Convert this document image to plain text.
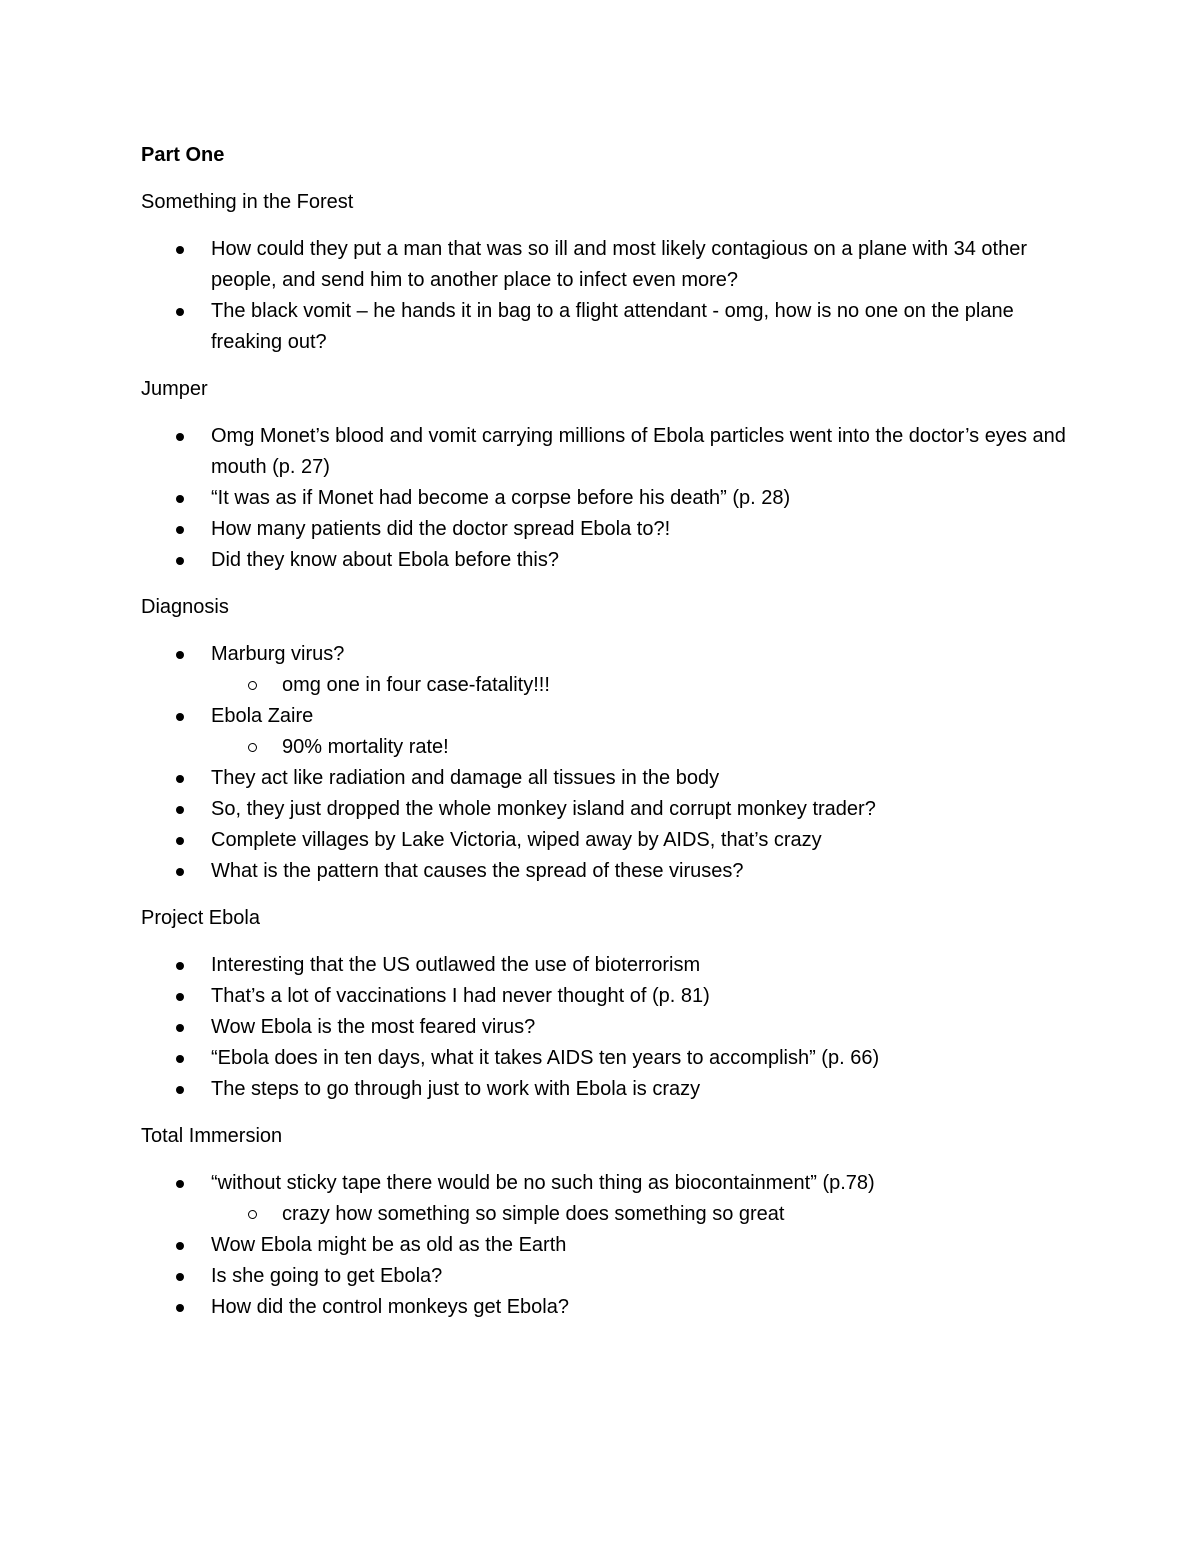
Part One
Something in the Forest
How could they put a man that was so ill and most likely contagious on a plane with 34 other people, and send him to another place to infect even more?
The black vomit – he hands it in bag to a flight attendant - omg, how is no one on the plane freaking out?
Jumper
Omg Monet’s blood and vomit carrying millions of Ebola particles went into the doctor’s eyes and mouth (p. 27)
“It was as if Monet had become a corpse before his death” (p. 28)
How many patients did the doctor spread Ebola to?!
Did they know about Ebola before this?
Diagnosis
Marburg virus?
omg one in four case-fatality!!!
Ebola Zaire
90% mortality rate!
They act like radiation and damage all tissues in the body
So, they just dropped the whole monkey island and corrupt monkey trader?
Complete villages by Lake Victoria, wiped away by AIDS, that’s crazy
What is the pattern that causes the spread of these viruses?
Project Ebola
Interesting that the US outlawed the use of bioterrorism
That’s a lot of vaccinations I had never thought of (p. 81)
Wow Ebola is the most feared virus?
“Ebola does in ten days, what it takes AIDS ten years to accomplish” (p. 66)
The steps to go through just to work with Ebola is crazy
Total Immersion
“without sticky tape there would be no such thing as biocontainment” (p.78)
crazy how something so simple does something so great
Wow Ebola might be as old as the Earth
Is she going to get Ebola?
How did the control monkeys get Ebola?
